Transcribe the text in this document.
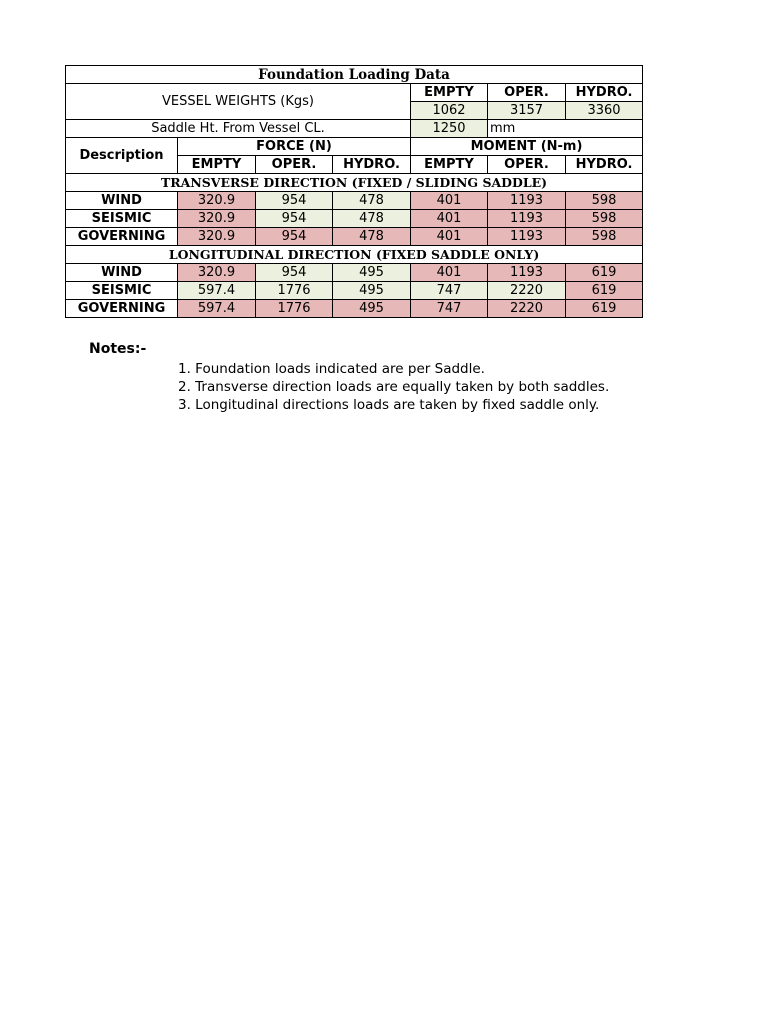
Foundation Loading Data						
VESSEL WEIGHTS (Kgs)				EMPTY	OPER.	HYDRO.
				1062	3157	3360
Saddle Ht. From Vessel CL.				1250	mm	
Description	FORCE (N)			MOMENT (N-m)		
	EMPTY	OPER.	HYDRO.	EMPTY	OPER.	HYDRO.
TRANSVERSE DIRECTION (FIXED / SLIDING SADDLE)						
WIND	320.9	954	478	401	1193	598
SEISMIC	320.9	954	478	401	1193	598
GOVERNING	320.9	954	478	401	1193	598
LONGITUDINAL DIRECTION (FIXED SADDLE ONLY)						
WIND	320.9	954	495	401	1193	619
SEISMIC	597.4	1776	495	747	2220	619
GOVERNING	597.4	1776	495	747	2220	619
Notes:-
1. Foundation loads indicated are per Saddle.
2. Transverse direction loads are equally taken by both saddles.
3. Longitudinal directions loads are taken by fixed saddle only.
